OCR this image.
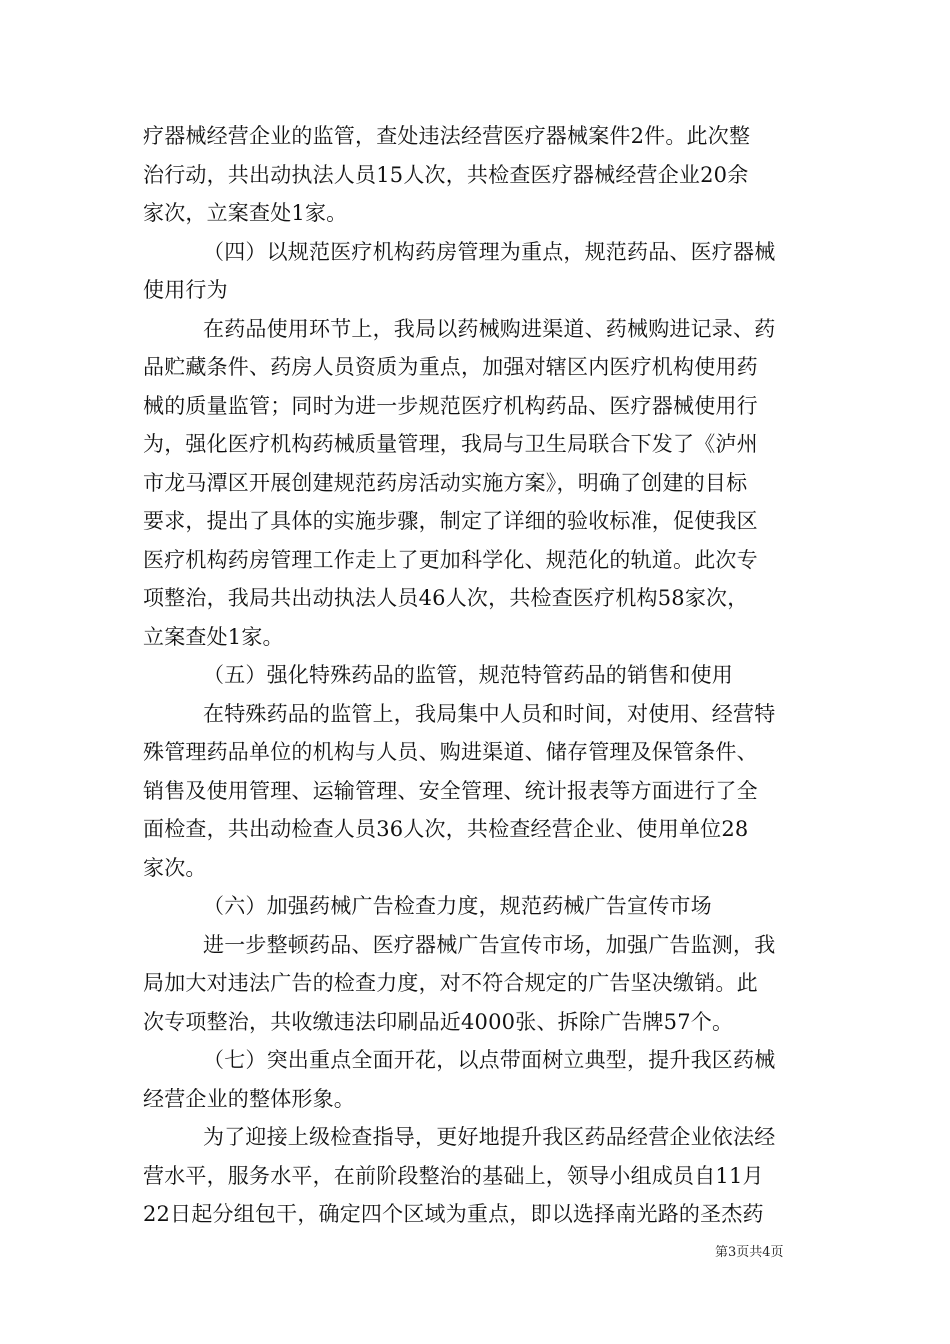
疗器械经营企业的监管，查处违法经营医疗器械案件2件。此次整
治行动，共出动执法人员15人次，共检查医疗器械经营企业20余
家次，立案查处1家。
（四）以规范医疗机构药房管理为重点，规范药品、医疗器械
使用行为
在药品使用环节上，我局以药械购进渠道、药械购进记录、药
品贮藏条件、药房人员资质为重点，加强对辖区内医疗机构使用药
械的质量监管；同时为进一步规范医疗机构药品、医疗器械使用行
为，强化医疗机构药械质量管理，我局与卫生局联合下发了《泸州
市龙马潭区开展创建规范药房活动实施方案》，明确了创建的目标
要求，提出了具体的实施步骤，制定了详细的验收标准，促使我区
医疗机构药房管理工作走上了更加科学化、规范化的轨道。此次专
项整治，我局共出动执法人员46人次，共检查医疗机构58家次，
立案查处1家。
（五）强化特殊药品的监管，规范特管药品的销售和使用
在特殊药品的监管上，我局集中人员和时间，对使用、经营特
殊管理药品单位的机构与人员、购进渠道、储存管理及保管条件、
销售及使用管理、运输管理、安全管理、统计报表等方面进行了全
面检查，共出动检查人员36人次，共检查经营企业、使用单位28
家次。
（六）加强药械广告检查力度，规范药械广告宣传市场
进一步整顿药品、医疗器械广告宣传市场，加强广告监测，我
局加大对违法广告的检查力度，对不符合规定的广告坚决缴销。此
次专项整治，共收缴违法印刷品近4000张、拆除广告牌57个。
（七）突出重点全面开花，以点带面树立典型，提升我区药械
经营企业的整体形象。
为了迎接上级检查指导，更好地提升我区药品经营企业依法经
营水平，服务水平，在前阶段整治的基础上，领导小组成员自11月
22日起分组包干，确定四个区域为重点，即以选择南光路的圣杰药
第3页共4页
